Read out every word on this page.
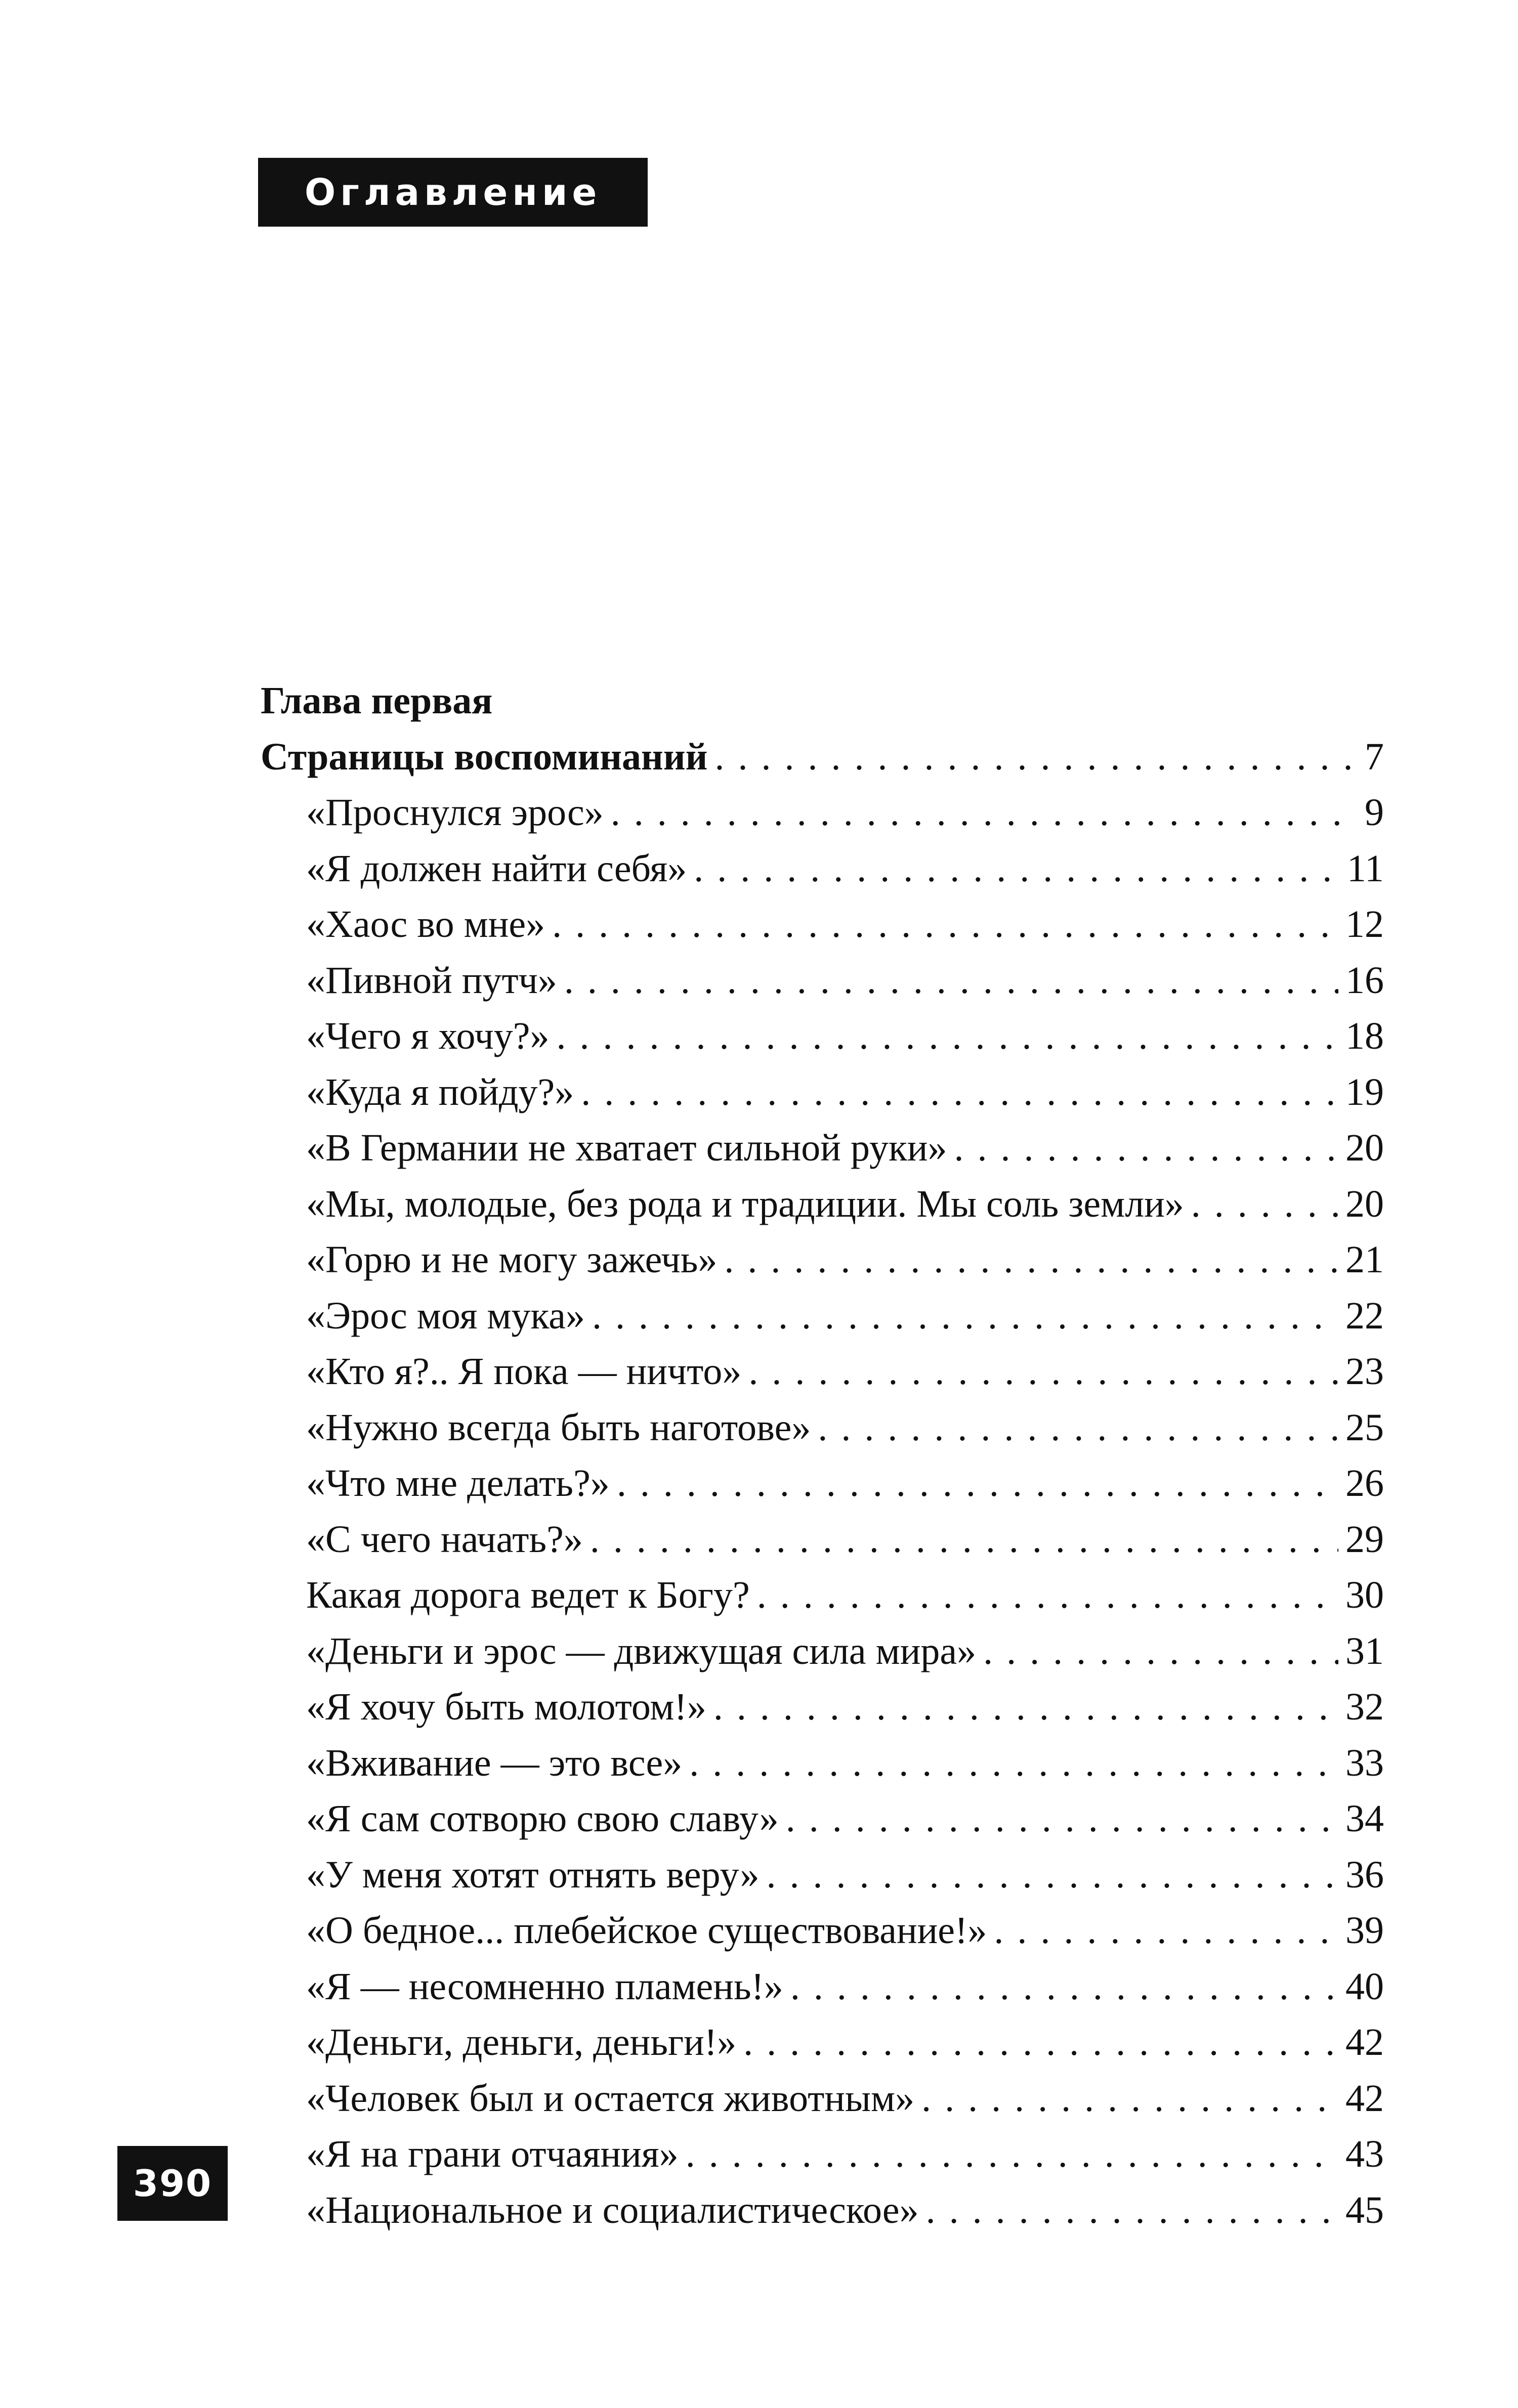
Оглавление
Глава первая
Страницы воспоминаний . . .	7
«Проснулся эрос» . . .	9
«Я должен найти себя» . . .	11
«Хаос во мне» . . .	12
«Пивной путч» . . .	16
«Чего я хочу?» . . .	18
«Куда я пойду?» . . .	19
«В Германии не хватает сильной руки» . . .	20
«Мы, молодые, без рода и традиции. Мы соль земли» . . .	20
«Горю и не могу зажечь» . . .	21
«Эрос моя мука» . . .	22
«Кто я?.. Я пока — ничто» . . .	23
«Нужно всегда быть наготове» . . .	25
«Что мне делать?» . . .	26
«С чего начать?» . . .	29
Какая дорога ведет к Богу? . . .	30
«Деньги и эрос — движущая сила мира» . . .	31
«Я хочу быть молотом!» . . .	32
«Вживание — это все» . . .	33
«Я сам сотворю свою славу» . . .	34
«У меня хотят отнять веру» . . .	36
«О бедное... плебейское существование!» . . .	39
«Я — несомненно пламень!» . . .	40
«Деньги, деньги, деньги!» . . .	42
«Человек был и остается животным» . . .	42
«Я на грани отчаяния» . . .	43
«Национальное и социалистическое» . . .	45
390
